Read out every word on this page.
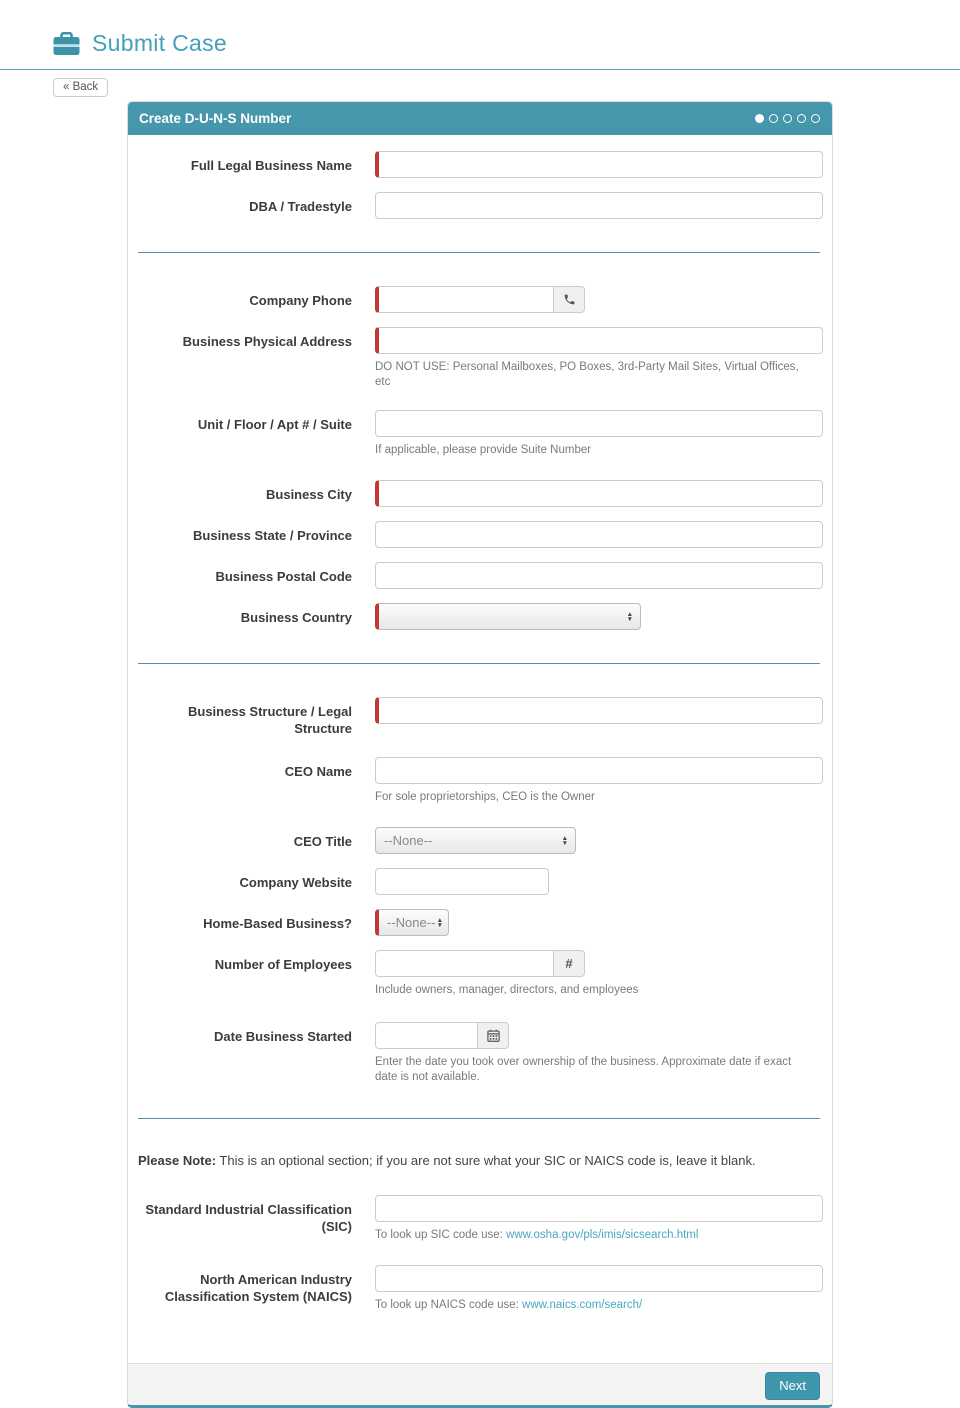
Submit Case
« Back
Create D-U-N-S Number
Full Legal Business Name
DBA / Tradestyle
Company Phone
Business Physical Address
DO NOT USE: Personal Mailboxes, PO Boxes, 3rd-Party Mail Sites, Virtual Offices, etc
Unit / Floor / Apt # / Suite
If applicable, please provide Suite Number
Business City
Business State / Province
Business Postal Code
Business Country	▲
▼
Business Structure / Legal Structure
CEO Name
For sole proprietorships, CEO is the Owner
CEO Title --None--	▲
▼
Company Website
Home-Based Business?	--None-- ▲
▼
Number of Employees	#
Include owners, manager, directors, and employees
Date Business Started
Enter the date you took over ownership of the business. Approximate date if exact date is not available.

Please Note: This is an optional section; if you are not sure what your SIC or NAICS code is, leave it blank.

Standard Industrial Classification (SIC)
To look up SIC code use: www.osha.gov/pls/imis/sicsearch.html
North American Industry Classification System (NAICS)
To look up NAICS code use: www.naics.com/search/
Next
